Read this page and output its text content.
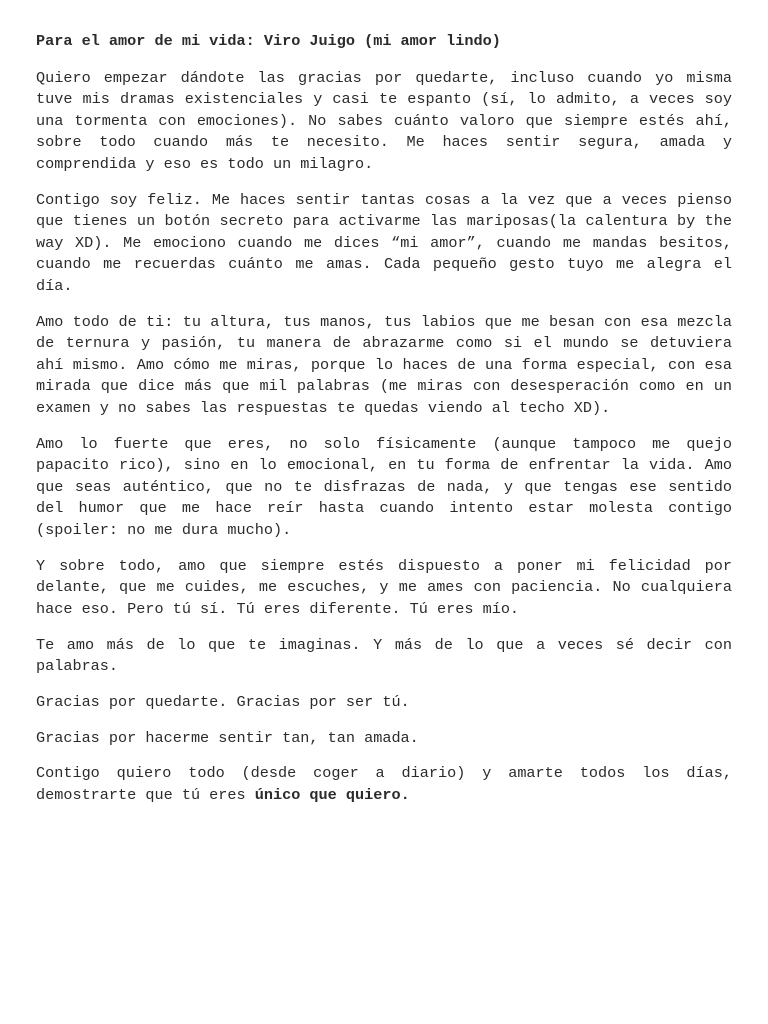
Para el amor de mi vida: Viro Juigo (mi amor lindo)

Quiero empezar dándote las gracias por quedarte, incluso cuando yo misma tuve mis dramas existenciales y casi te espanto (sí, lo admito, a veces soy una tormenta con emociones). No sabes cuánto valoro que siempre estés ahí, sobre todo cuando más te necesito. Me haces sentir segura, amada y comprendida y eso es todo un milagro.

Contigo soy feliz. Me haces sentir tantas cosas a la vez que a veces pienso que tienes un botón secreto para activarme las mariposas(la calentura by the way XD). Me emociono cuando me dices “mi amor”, cuando me mandas besitos, cuando me recuerdas cuánto me amas. Cada pequeño gesto tuyo me alegra el día.

Amo todo de ti: tu altura, tus manos, tus labios que me besan con esa mezcla de ternura y pasión, tu manera de abrazarme como si el mundo se detuviera ahí mismo. Amo cómo me miras, porque lo haces de una forma especial, con esa mirada que dice más que mil palabras (me miras con desesperación como en un examen y no sabes las respuestas te quedas viendo al techo XD).

Amo lo fuerte que eres, no solo físicamente (aunque tampoco me quejo papacito rico), sino en lo emocional, en tu forma de enfrentar la vida. Amo que seas auténtico, que no te disfrazas de nada, y que tengas ese sentido del humor que me hace reír hasta cuando intento estar molesta contigo (spoiler: no me dura mucho).

Y sobre todo, amo que siempre estés dispuesto a poner mi felicidad por delante, que me cuides, me escuches, y me ames con paciencia. No cualquiera hace eso. Pero tú sí. Tú eres diferente. Tú eres mío.

Te amo más de lo que te imaginas. Y más de lo que a veces sé decir con palabras.

Gracias por quedarte. Gracias por ser tú.

Gracias por hacerme sentir tan, tan amada.

Contigo quiero todo (desde coger a diario) y amarte todos los días, demostrarte que tú eres único que quiero.
